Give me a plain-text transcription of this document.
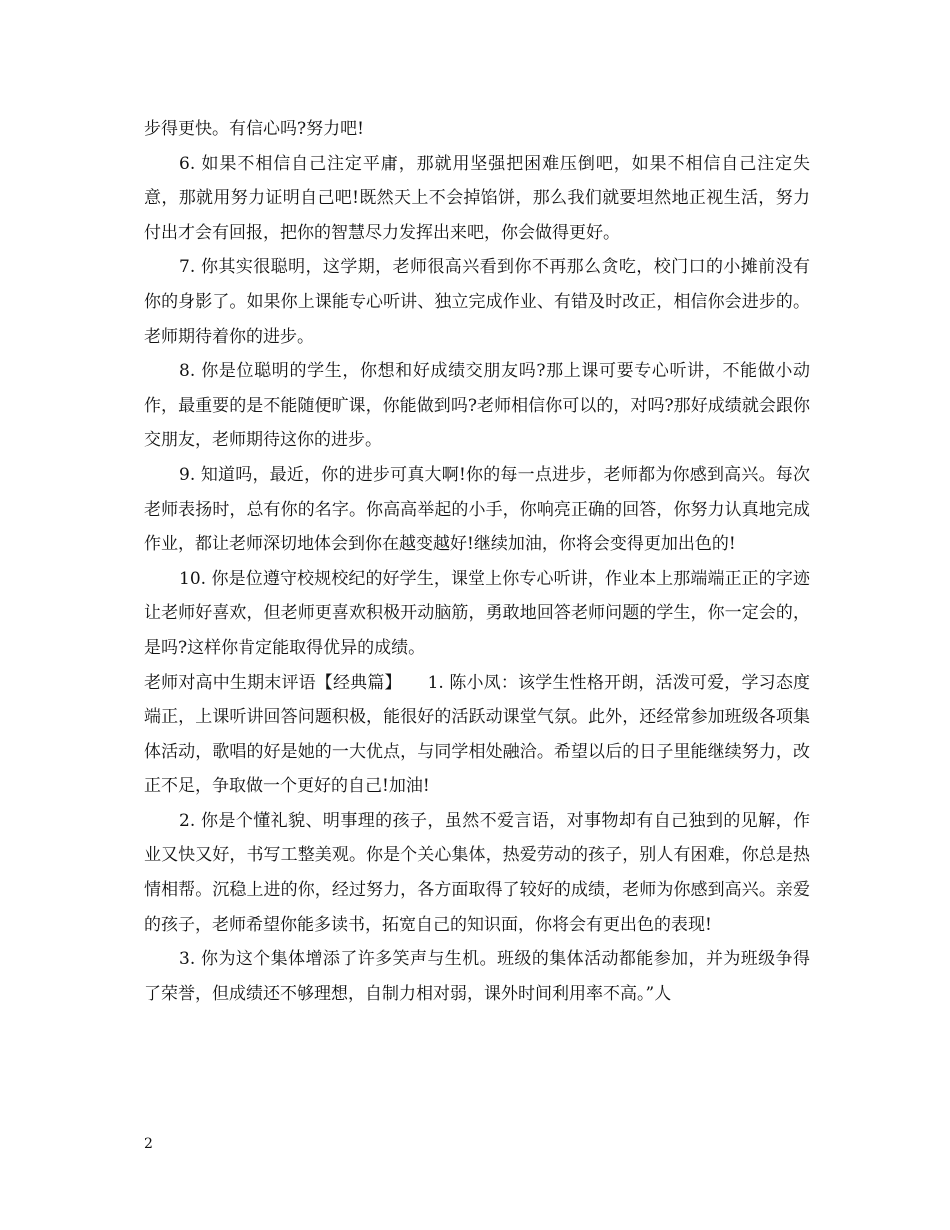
步得更快。有信心吗?努力吧!

6. 如果不相信自己注定平庸，那就用坚强把困难压倒吧，如果不相信自己注定失意，那就用努力证明自己吧!既然天上不会掉馅饼，那么我们就要坦然地正视生活，努力付出才会有回报，把你的智慧尽力发挥出来吧，你会做得更好。

7. 你其实很聪明，这学期，老师很高兴看到你不再那么贪吃，校门口的小摊前没有你的身影了。如果你上课能专心听讲、独立完成作业、有错及时改正，相信你会进步的。老师期待着你的进步。

8. 你是位聪明的学生，你想和好成绩交朋友吗?那上课可要专心听讲，不能做小动作，最重要的是不能随便旷课，你能做到吗?老师相信你可以的，对吗?那好成绩就会跟你交朋友，老师期待这你的进步。

9. 知道吗，最近，你的进步可真大啊!你的每一点进步，老师都为你感到高兴。每次老师表扬时，总有你的名字。你高高举起的小手，你响亮正确的回答，你努力认真地完成作业，都让老师深切地体会到你在越变越好!继续加油，你将会变得更加出色的!

10. 你是位遵守校规校纪的好学生，课堂上你专心听讲，作业本上那端端正正的字迹让老师好喜欢，但老师更喜欢积极开动脑筋，勇敢地回答老师问题的学生，你一定会的，是吗?这样你肯定能取得优异的成绩。

老师对高中生期末评语【经典篇】　　1. 陈小凤：该学生性格开朗，活泼可爱，学习态度端正，上课听讲回答问题积极，能很好的活跃动课堂气氛。此外，还经常参加班级各项集体活动，歌唱的好是她的一大优点，与同学相处融洽。希望以后的日子里能继续努力，改正不足，争取做一个更好的自己!加油!

2. 你是个懂礼貌、明事理的孩子，虽然不爱言语，对事物却有自己独到的见解，作业又快又好，书写工整美观。你是个关心集体，热爱劳动的孩子，别人有困难，你总是热情相帮。沉稳上进的你，经过努力，各方面取得了较好的成绩，老师为你感到高兴。亲爱的孩子，老师希望你能多读书，拓宽自己的知识面，你将会有更出色的表现!

3. 你为这个集体增添了许多笑声与生机。班级的集体活动都能参加，并为班级争得了荣誉，但成绩还不够理想，自制力相对弱，课外时间利用率不高。”人

2
